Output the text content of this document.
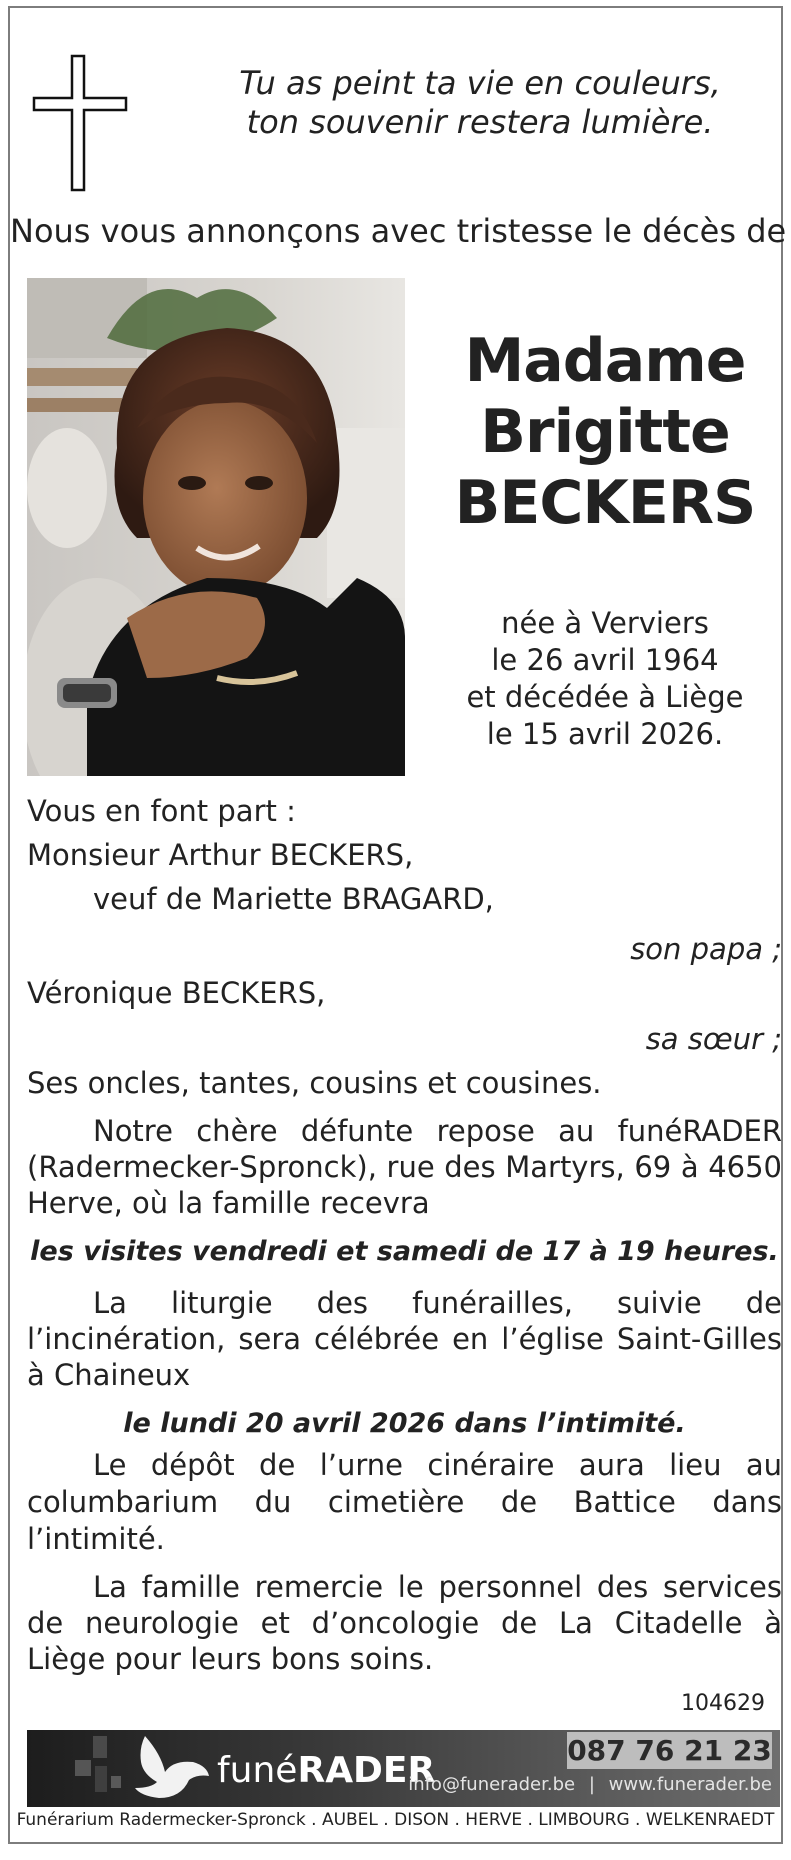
Tu as peint ta vie en couleurs,
ton souvenir restera lumière.
Nous vous annonçons avec tristesse le décès de
Madame
Brigitte
BECKERS
née à Verviers
le 26 avril 1964
et décédée à Liège
le 15 avril 2026.
Vous en font part :
Monsieur Arthur BECKERS,
veuf de Mariette BRAGARD,
son papa ;
Véronique BECKERS,
sa sœur ;
Ses oncles, tantes, cousins et cousines.
Notre chère défunte repose au funéRADER
(Radermecker-Spronck), rue des Martyrs, 69 à 4650
Herve, où la famille recevra
les visites vendredi et samedi de 17 à 19 heures.
La liturgie des funérailles, suivie de
l’incinération, sera célébrée en l’église Saint-Gilles
à Chaineux
le lundi 20 avril 2026 dans l’intimité.
Le dépôt de l’urne cinéraire aura lieu au
columbarium du cimetière de Battice dans
l’intimité.
La famille remercie le personnel des services
de neurologie et d’oncologie de La Citadelle à
Liège pour leurs bons soins.
104629
funéRADER	087 76 21 23
info@funerader.be | www.funerader.be
Funérarium Radermecker-Spronck . AUBEL . DISON . HERVE . LIMBOURG . WELKENRAEDT
